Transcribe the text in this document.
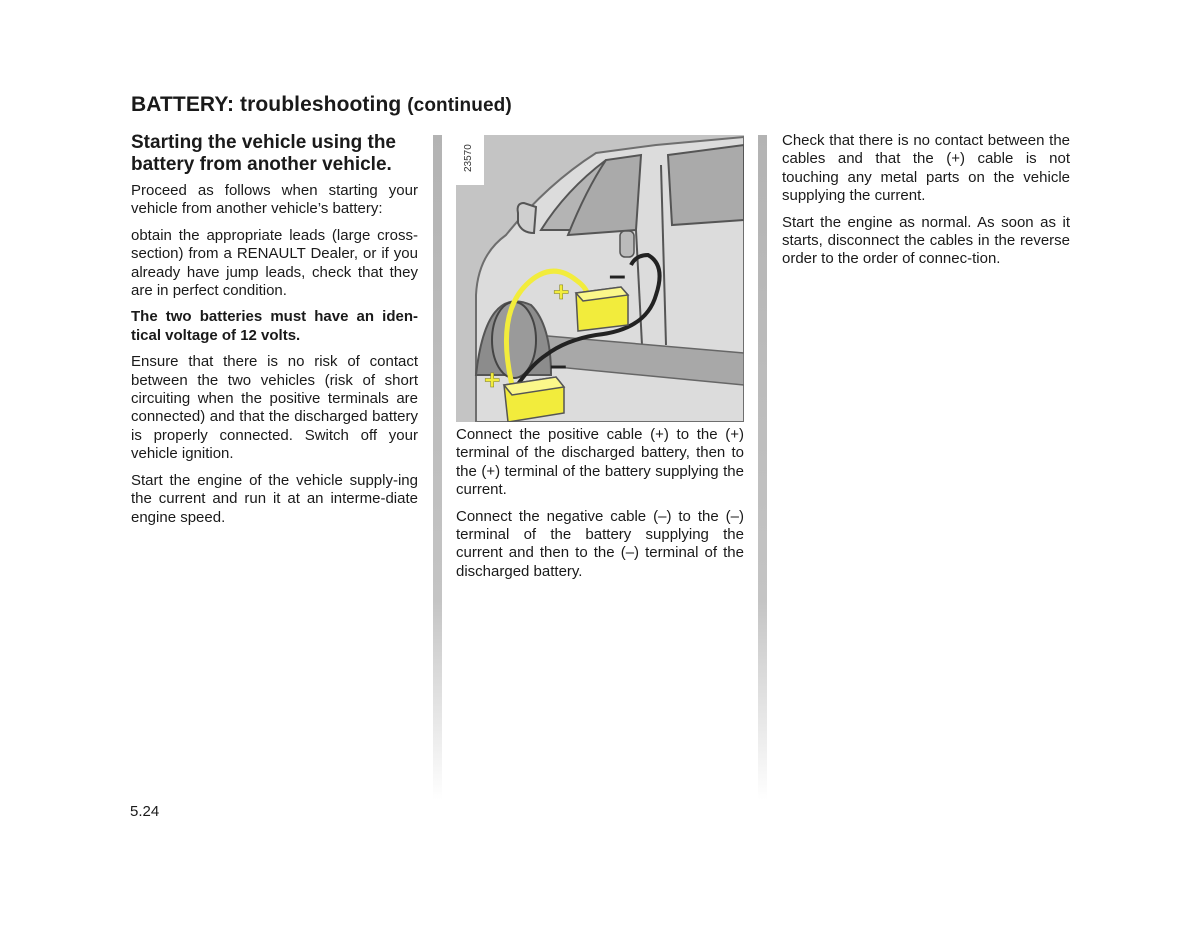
BATTERY: troubleshooting (continued)
Starting the vehicle using the battery from another vehicle.

Proceed as follows when starting your vehicle from another vehicle’s battery:

obtain the appropriate leads (large cross-section) from a RENAULT Dealer, or if you already have jump leads, check that they are in perfect condition.

The two batteries must have an iden-tical voltage of 12 volts.

Ensure that there is no risk of contact between the two vehicles (risk of short circuiting when the positive terminals are connected) and that the discharged battery is properly connected. Switch off your vehicle ignition.

Start the engine of the vehicle supply-ing the current and run it at an interme-diate engine speed.

+ –
+ –
23570

Connect the positive cable (+) to the (+) terminal of the discharged battery, then to the (+) terminal of the battery supplying the current.

Connect the negative cable (–) to the (–) terminal of the battery supplying the current and then to the (–) terminal of the discharged battery.

Check that there is no contact between the cables and that the (+) cable is not touching any metal parts on the vehicle supplying the current.

Start the engine as normal. As soon as it starts, disconnect the cables in the reverse order to the order of connec-tion.

5.24
